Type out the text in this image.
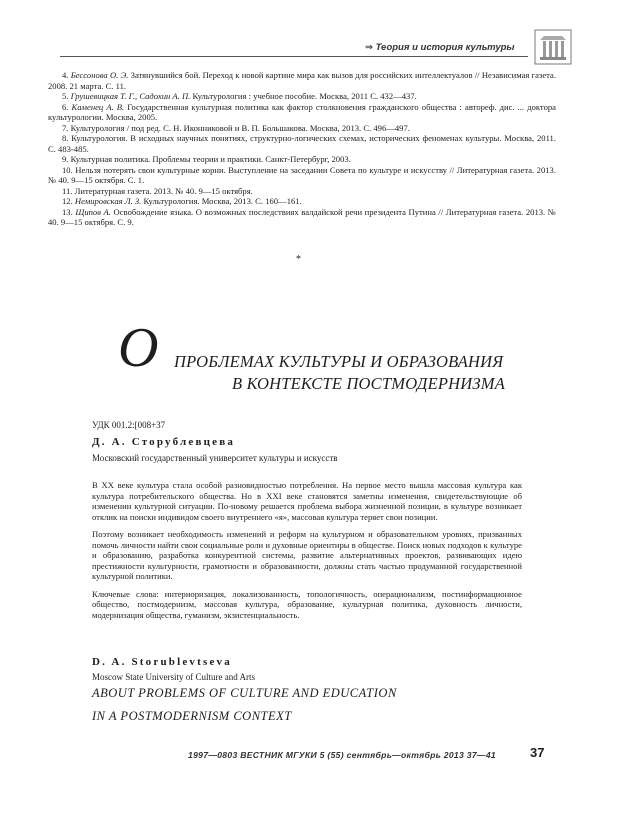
⇒ Теория и история культуры

4. Бессонова О. Э. Затянувшийся бой. Переход к новой картине мира как вызов для российских интеллектуалов // Независимая газета. 2008. 21 марта. С. 11.

5. Грушевицкая Т. Г., Садохин А. П. Культурология : учебное пособие. Москва, 2011 С. 432—437.

6. Каменец А. В. Государственная культурная политика как фактор столкновения гражданского общества : автореф. дис. ... доктора культурологии. Москва, 2005.

7. Культурология / под ред. С. Н. Иконниковой и В. П. Большакова. Москва, 2013. С. 496—497.

8. Культурология. В исходных научных понятиях, структурно-логических схемах, исторических феноменах культуры. Москва, 2011. С. 483-485.

9. Культурная политика. Проблемы теории и практики. Санкт-Петербург, 2003.

10. Нельзя потерять свои культурные корни. Выступление на заседании Совета по культуре и искусству // Литературная газета. 2013. № 40. 9—15 октября. С. 1.

11. Литературная газета. 2013. № 40. 9—15 октября.

12. Немировская Л. З. Культурология. Москва, 2013. С. 160—161.

13. Щипов А. Освобождение языка. О возможных последствиях валдайской речи президента Путина // Литературная газета. 2013. № 40. 9—15 октября. С. 9.

*
О ПРОБЛЕМАХ КУЛЬТУРЫ И ОБРАЗОВАНИЯ
В КОНТЕКСТЕ ПОСТМОДЕРНИЗМА
УДК 001.2:[008+37
Д. А. Сторублевцева
Московский государственный университет культуры и искусств

В XX веке культура стала особой разновидностью потребления. На первое место вышла массовая культура как культура потребительского общества. Но в XXI веке становятся заметны изменения, свидетельствующие об изменении культурной ситуации. По-новому решается проблема выбора жизненной позиции, в культуре возникает отклик на поиски индивидом своего внутреннего «я», массовая культура теряет свои позиции.

Поэтому возникает необходимость изменений и реформ на культурном и образовательном уровнях, призванных помочь личности найти свои социальные роли и духовные ориентиры в обществе. Поиск новых подходов к культуре и образованию, разработка конкурентной системы, развитие альтернативных проектов, развивающих идею престижности культурности, грамотности и образованности, должны стать частью продуманной государственной культурной политики.

Ключевые слова: интериоризация, локализованность, топологичность, операционализм, постинформационное общество, постмодернизм, массовая культура, образование, культурная политика, духовность личности, модернизация общества, гуманизм, экзистенциальность.

D. A. Storublevtseva
Moscow State University of Culture and Arts
ABOUT PROBLEMS OF CULTURE AND EDUCATION
IN A POSTMODERNISM CONTEXT
1997—0803 ВЕСТНИК МГУКИ 5 (55) сентябрь—октябрь 2013 37—41	37
